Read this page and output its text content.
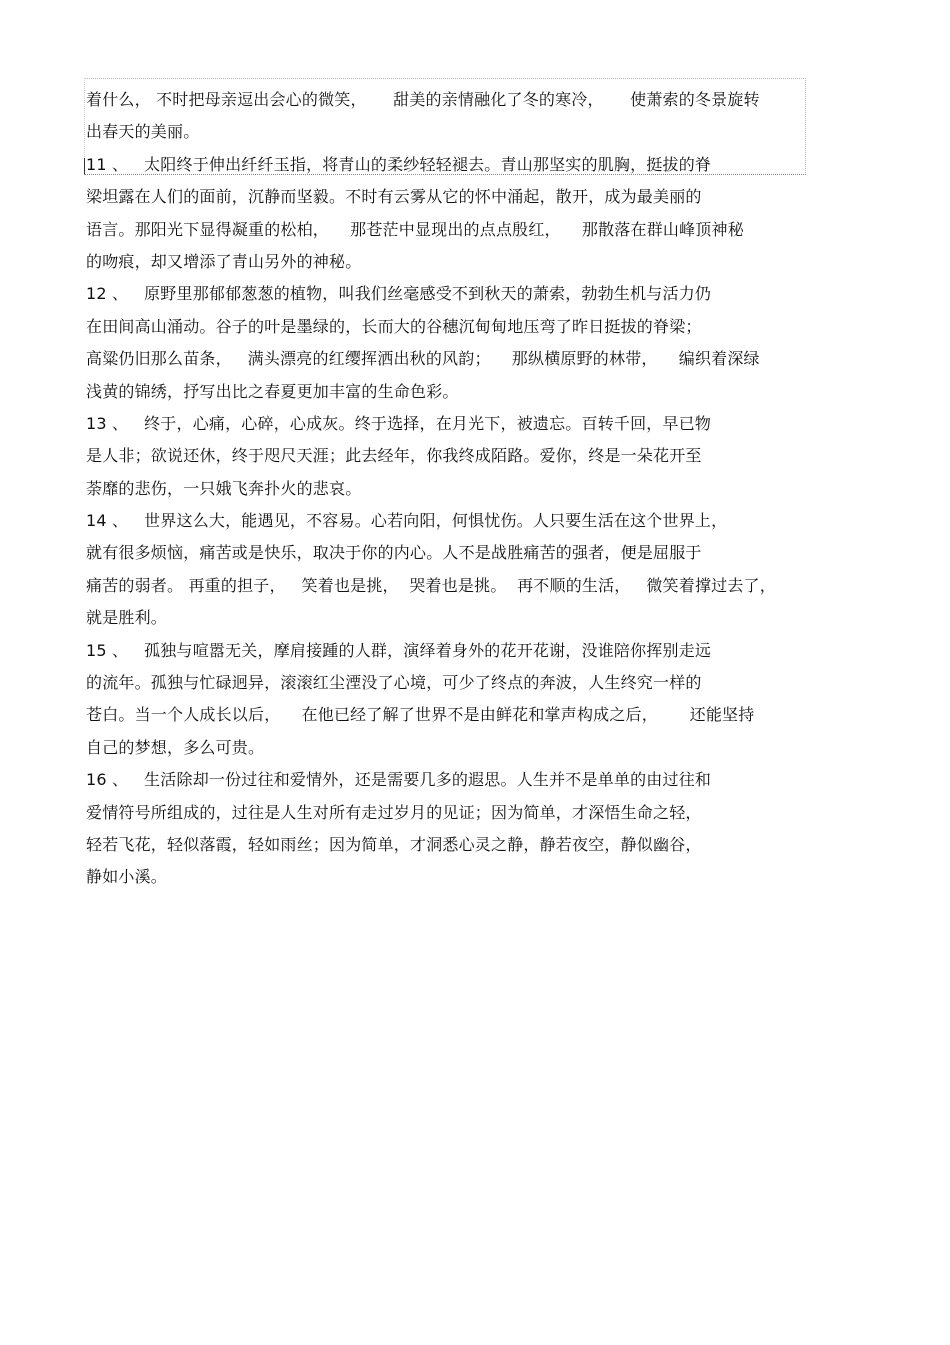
着什么， 不时把母亲逗出会心的微笑，     甜美的亲情融化了冬的寒冷，     使萧索的冬景旋转
出春天的美丽。
11 、   太阳终于伸出纤纤玉指，将青山的柔纱轻轻褪去。青山那坚实的肌胸，挺拔的脊
梁坦露在人们的面前，沉静而坚毅。不时有云雾从它的怀中涌起，散开，成为最美丽的
语言。那阳光下显得凝重的松柏，    那苍茫中显现出的点点殷红，    那散落在群山峰顶神秘
的吻痕，却又增添了青山另外的神秘。
12 、   原野里那郁郁葱葱的植物，叫我们丝毫感受不到秋天的萧索，勃勃生机与活力仍
在田间高山涌动。谷子的叶是墨绿的，长而大的谷穗沉甸甸地压弯了昨日挺拔的脊梁；
高粱仍旧那么苗条，   满头漂亮的红缨挥洒出秋的风韵；    那纵横原野的林带，    编织着深绿
浅黄的锦绣，抒写出比之春夏更加丰富的生命色彩。
13 、   终于，心痛，心碎，心成灰。终于选择，在月光下，被遗忘。百转千回，早已物
是人非；欲说还休，终于咫尺天涯；此去经年，你我终成陌路。爱你，终是一朵花开至
荼靡的悲伤，一只娥飞奔扑火的悲哀。
14 、   世界这么大，能遇见，不容易。心若向阳，何惧忧伤。人只要生活在这个世界上，
就有很多烦恼，痛苦或是快乐，取决于你的内心。人不是战胜痛苦的强者，便是屈服于
痛苦的弱者。 再重的担子，   笑着也是挑，  哭着也是挑。  再不顺的生活，   微笑着撑过去了，
就是胜利。
15 、   孤独与喧嚣无关，摩肩接踵的人群，演绎着身外的花开花谢，没谁陪你挥别走远
的流年。孤独与忙碌迥异，滚滚红尘湮没了心境，可少了终点的奔波，人生终究一样的
苍白。当一个人成长以后，    在他已经了解了世界不是由鲜花和掌声构成之后，      还能坚持
自己的梦想，多么可贵。
16 、   生活除却一份过往和爱情外，还是需要几多的遐思。人生并不是单单的由过往和
爱情符号所组成的，过往是人生对所有走过岁月的见证；因为简单，才深悟生命之轻，
轻若飞花，轻似落霞，轻如雨丝；因为简单，才洞悉心灵之静，静若夜空，静似幽谷，
静如小溪。
